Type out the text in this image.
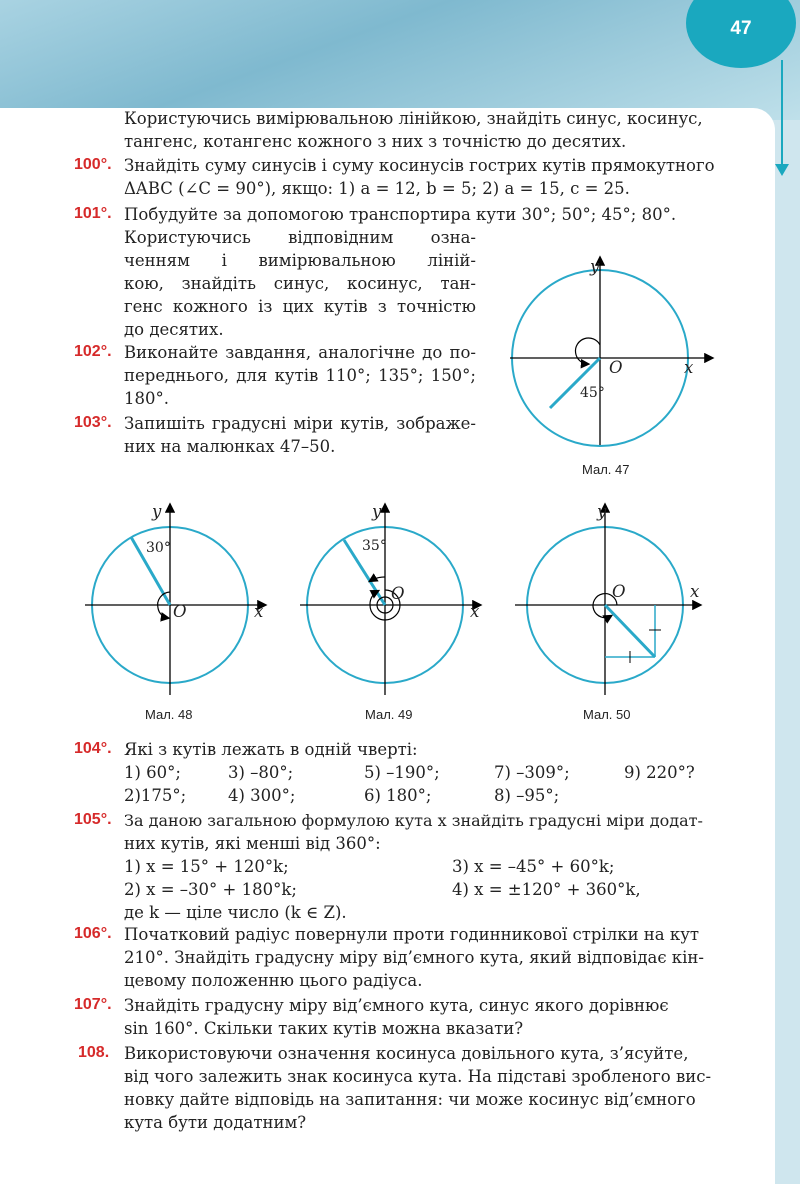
47
Користуючись вимірювальною лінійкою, знайдіть синус, косинус,
тангенс, котангенс кожного з них з точністю до десятих.
100°. Знайдіть суму синусів і суму косинусів гострих кутів прямокутного
ΔABC (∠C = 90°), якщо: 1) a = 12, b = 5; 2) a = 15, c = 25.
101°. Побудуйте за допомогою транспортира кути 30°; 50°; 45°; 80°.
Користуючись відповідним озна-
ченням і вимірювальною ліній-
кою, знайдіть синус, косинус, тан-
генс кожного із цих кутів з точністю
до десятих.
102°. Виконайте завдання, аналогічне до по-
переднього, для кутів 110°; 135°; 150°;
180°.
103°. Запишіть градусні міри кутів, зображе-
них на малюнках 47–50.
y
x
O
45°
Мал. 47
y
x
O
30°
Мал. 48
y
x
O
35°
Мал. 49
y
x
O
Мал. 50
104°. Які з кутів лежать в одній чверті:
1) 60°;	3) –80°;	5) –190°;	7) –309°;	9) 220°?
2)175°;	4) 300°;	6) 180°;	8) –95°;
105°. За даною загальною формулою кута x знайдіть градусні міри додат-
них кутів, які менші від 360°:
1) x = 15° + 120°k;	3) x = –45° + 60°k;
2) x = –30° + 180°k;	4) x = ±120° + 360°k,
де k — ціле число (k ∈ Z).
106°. Початковий радіус повернули проти годинникової стрілки на кут
210°. Знайдіть градусну міру від’ємного кута, який відповідає кін-
цевому положенню цього радіуса.
107°. Знайдіть градусну міру від’ємного кута, синус якого дорівнює
sin 160°. Скільки таких кутів можна вказати?
108. Використовуючи означення косинуса довільного кута, з’ясуйте,
від чого залежить знак косинуса кута. На підставі зробленого вис-
новку дайте відповідь на запитання: чи може косинус від’ємного
кута бути додатним?
